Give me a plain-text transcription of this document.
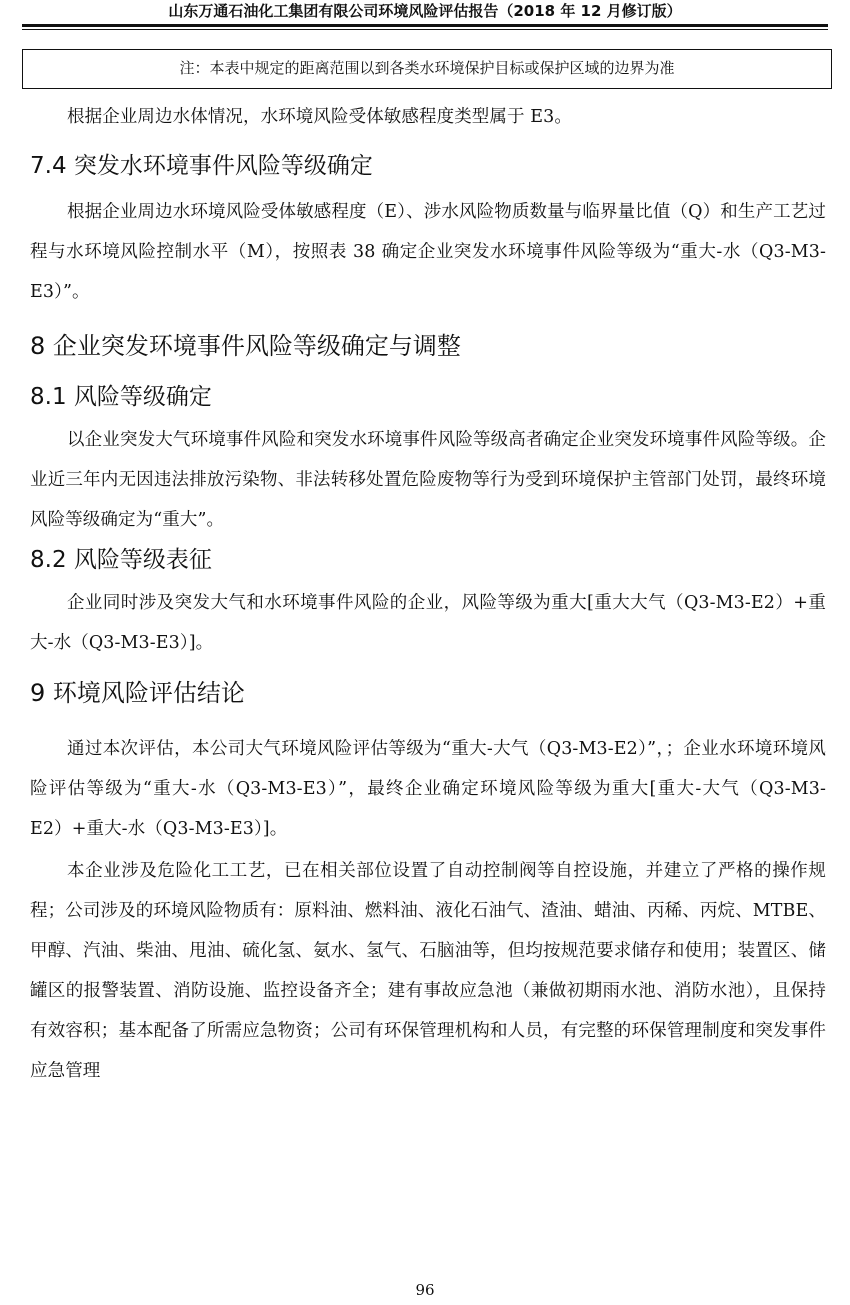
山东万通石油化工集团有限公司环境风险评估报告（2018 年 12 月修订版）
注：本表中规定的距离范围以到各类水环境保护目标或保护区域的边界为准

根据企业周边水体情况，水环境风险受体敏感程度类型属于 E3。

7.4 突发水环境事件风险等级确定

根据企业周边水环境风险受体敏感程度（E）、涉水风险物质数量与临界量比值（Q）和生产工艺过程与水环境风险控制水平（M），按照表 38 确定企业突发水环境事件风险等级为“重大-水（Q3-M3-E3）”。

8 企业突发环境事件风险等级确定与调整
8.1 风险等级确定

以企业突发大气环境事件风险和突发水环境事件风险等级高者确定企业突发环境事件风险等级。企业近三年内无因违法排放污染物、非法转移处置危险废物等行为受到环境保护主管部门处罚，最终环境风险等级确定为“重大”。

8.2 风险等级表征

企业同时涉及突发大气和水环境事件风险的企业，风险等级为重大[重大大气（Q3-M3-E2）+重大-水（Q3-M3-E3）]。

9 环境风险评估结论

通过本次评估，本公司大气环境风险评估等级为“重大-大气（Q3-M3-E2）”，；企业水环境环境风险评估等级为“重大-水（Q3-M3-E3）”，最终企业确定环境风险等级为重大[重大-大气（Q3-M3-E2）+重大-水（Q3-M3-E3）]。

本企业涉及危险化工工艺，已在相关部位设置了自动控制阀等自控设施，并建立了严格的操作规程；公司涉及的环境风险物质有：原料油、燃料油、液化石油气、渣油、蜡油、丙稀、丙烷、MTBE、甲醇、汽油、柴油、甩油、硫化氢、氨水、氢气、石脑油等，但均按规范要求储存和使用；装置区、储罐区的报警装置、消防设施、监控设备齐全；建有事故应急池（兼做初期雨水池、消防水池），且保持有效容积；基本配备了所需应急物资；公司有环保管理机构和人员，有完整的环保管理制度和突发事件应急管理

96
